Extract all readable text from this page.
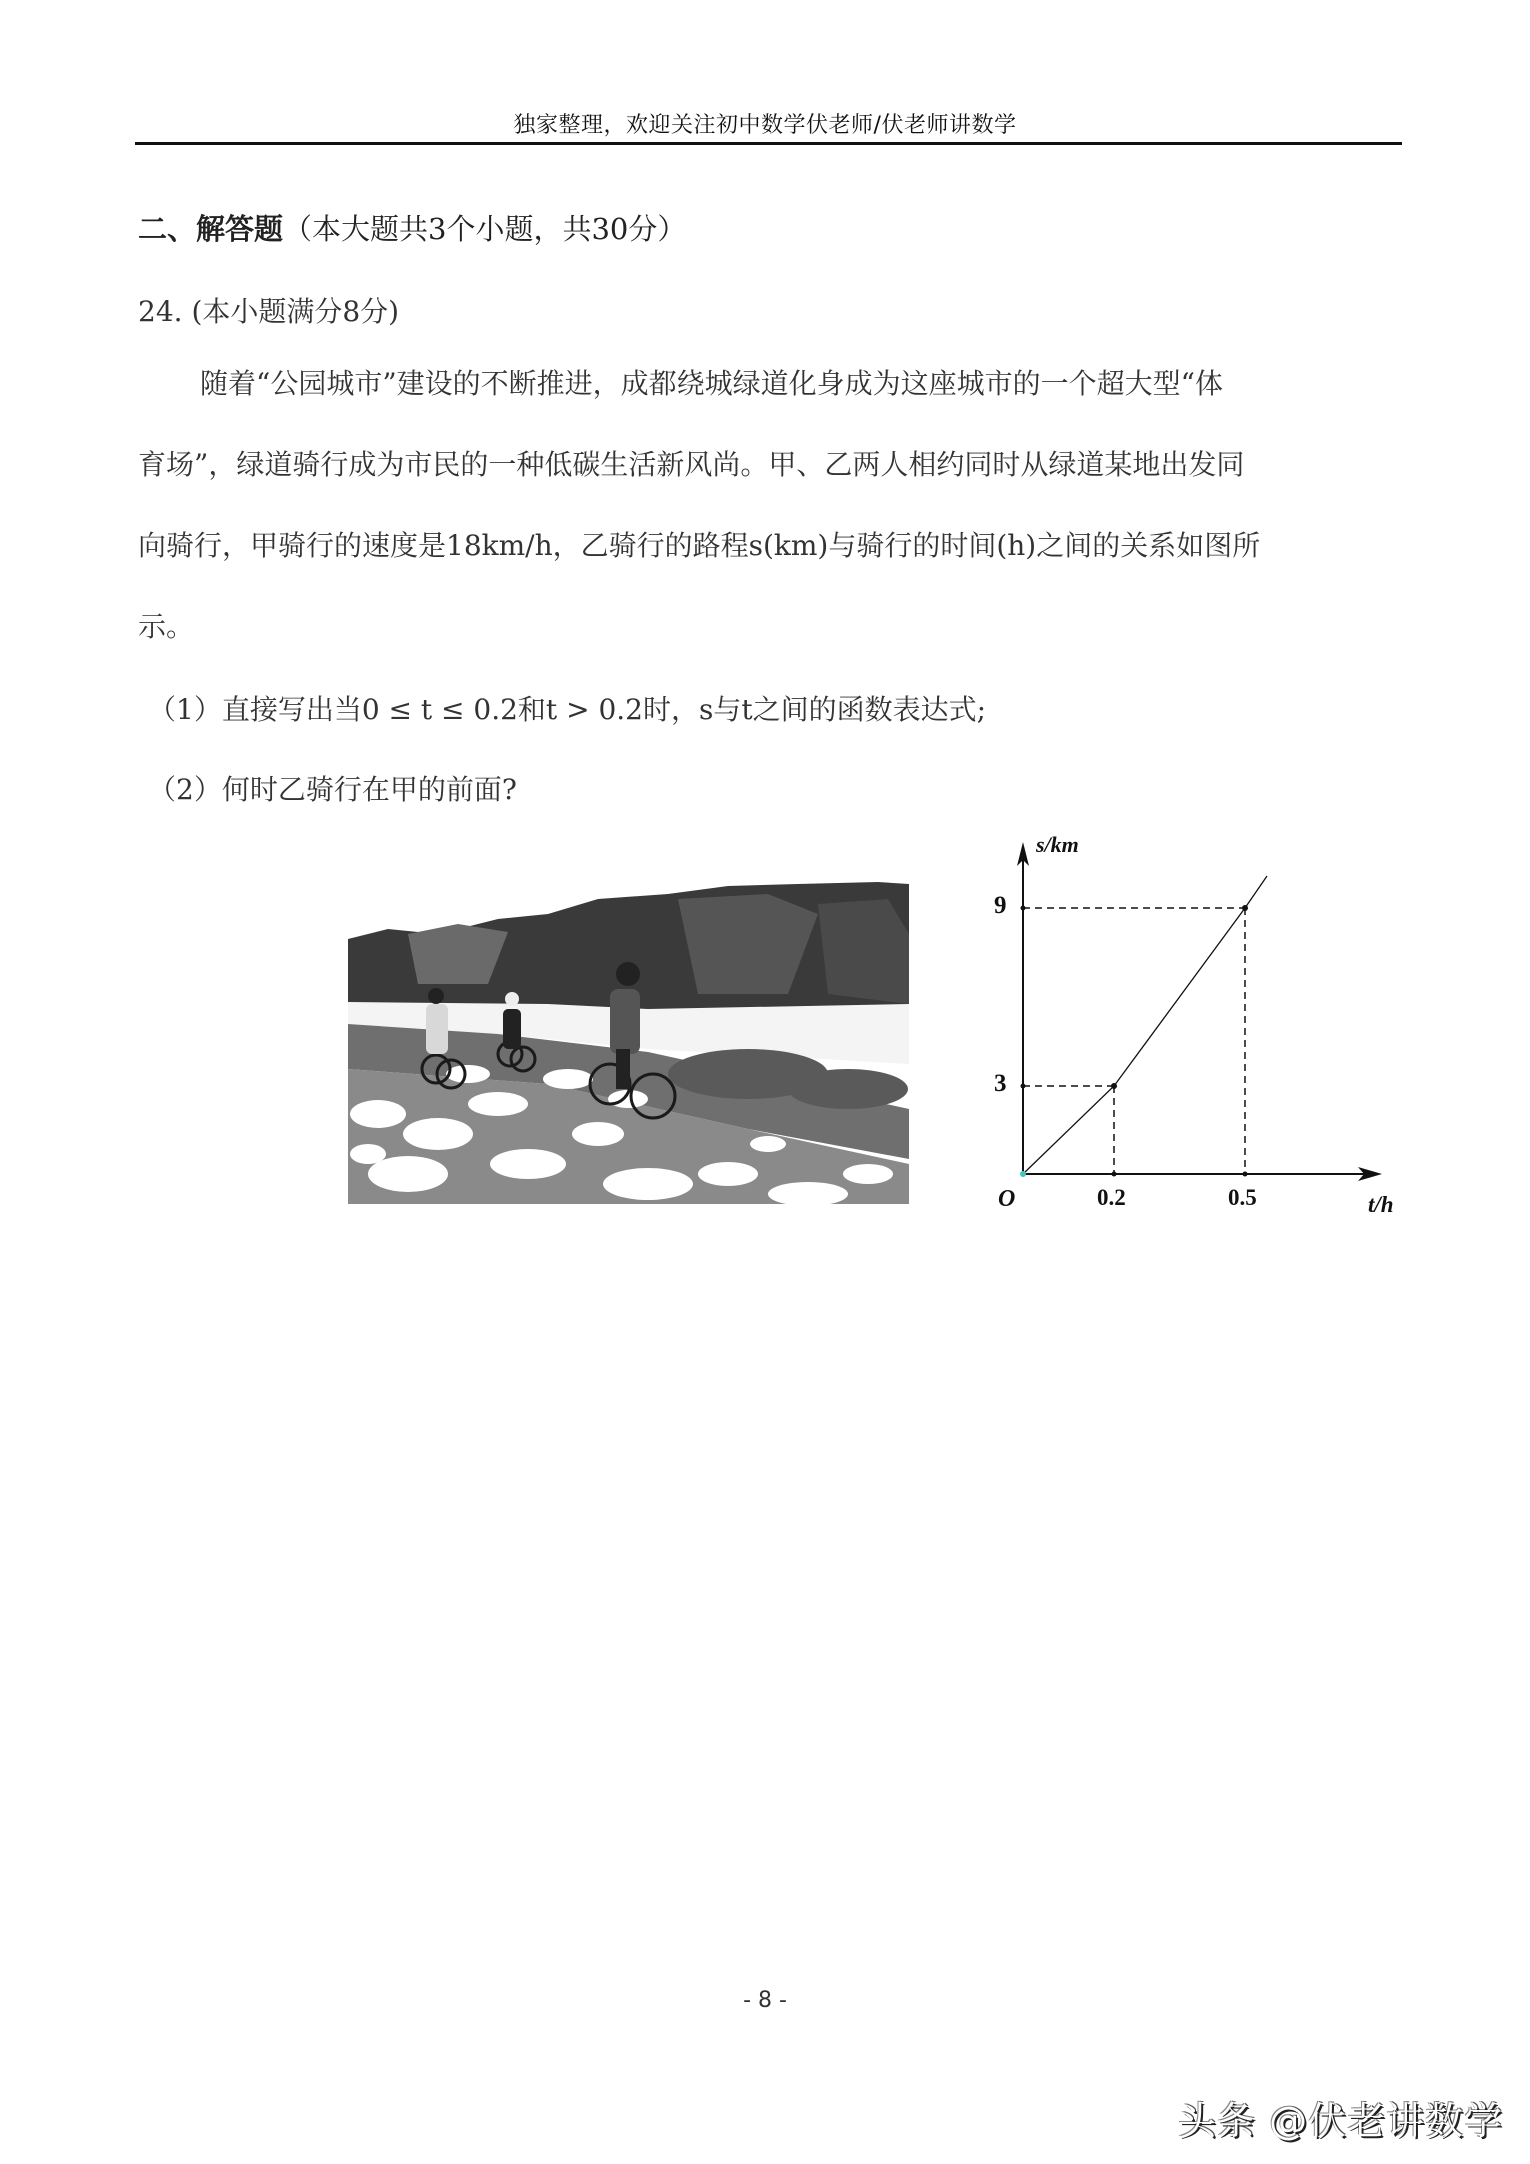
独家整理，欢迎关注初中数学伏老师/伏老师讲数学
二、解答题（本大题共3个小题，共30分）
24. (本小题满分8分)

随着“公园城市”建设的不断推进，成都绕城绿道化身成为这座城市的一个超大型“体

育场”，绿道骑行成为市民的一种低碳生活新风尚。甲、乙两人相约同时从绿道某地出发同

向骑行，甲骑行的速度是18km/h，乙骑行的路程s(km)与骑行的时间(h)之间的关系如图所

示。

（1）直接写出当0 ≤ t ≤ 0.2和t > 0.2时，s与t之间的函数表达式;
（2）何时乙骑行在甲的前面?
s/km
9
3
O	0.2	0.5	t/h
- 8 -
头条 @伏老讲数学
